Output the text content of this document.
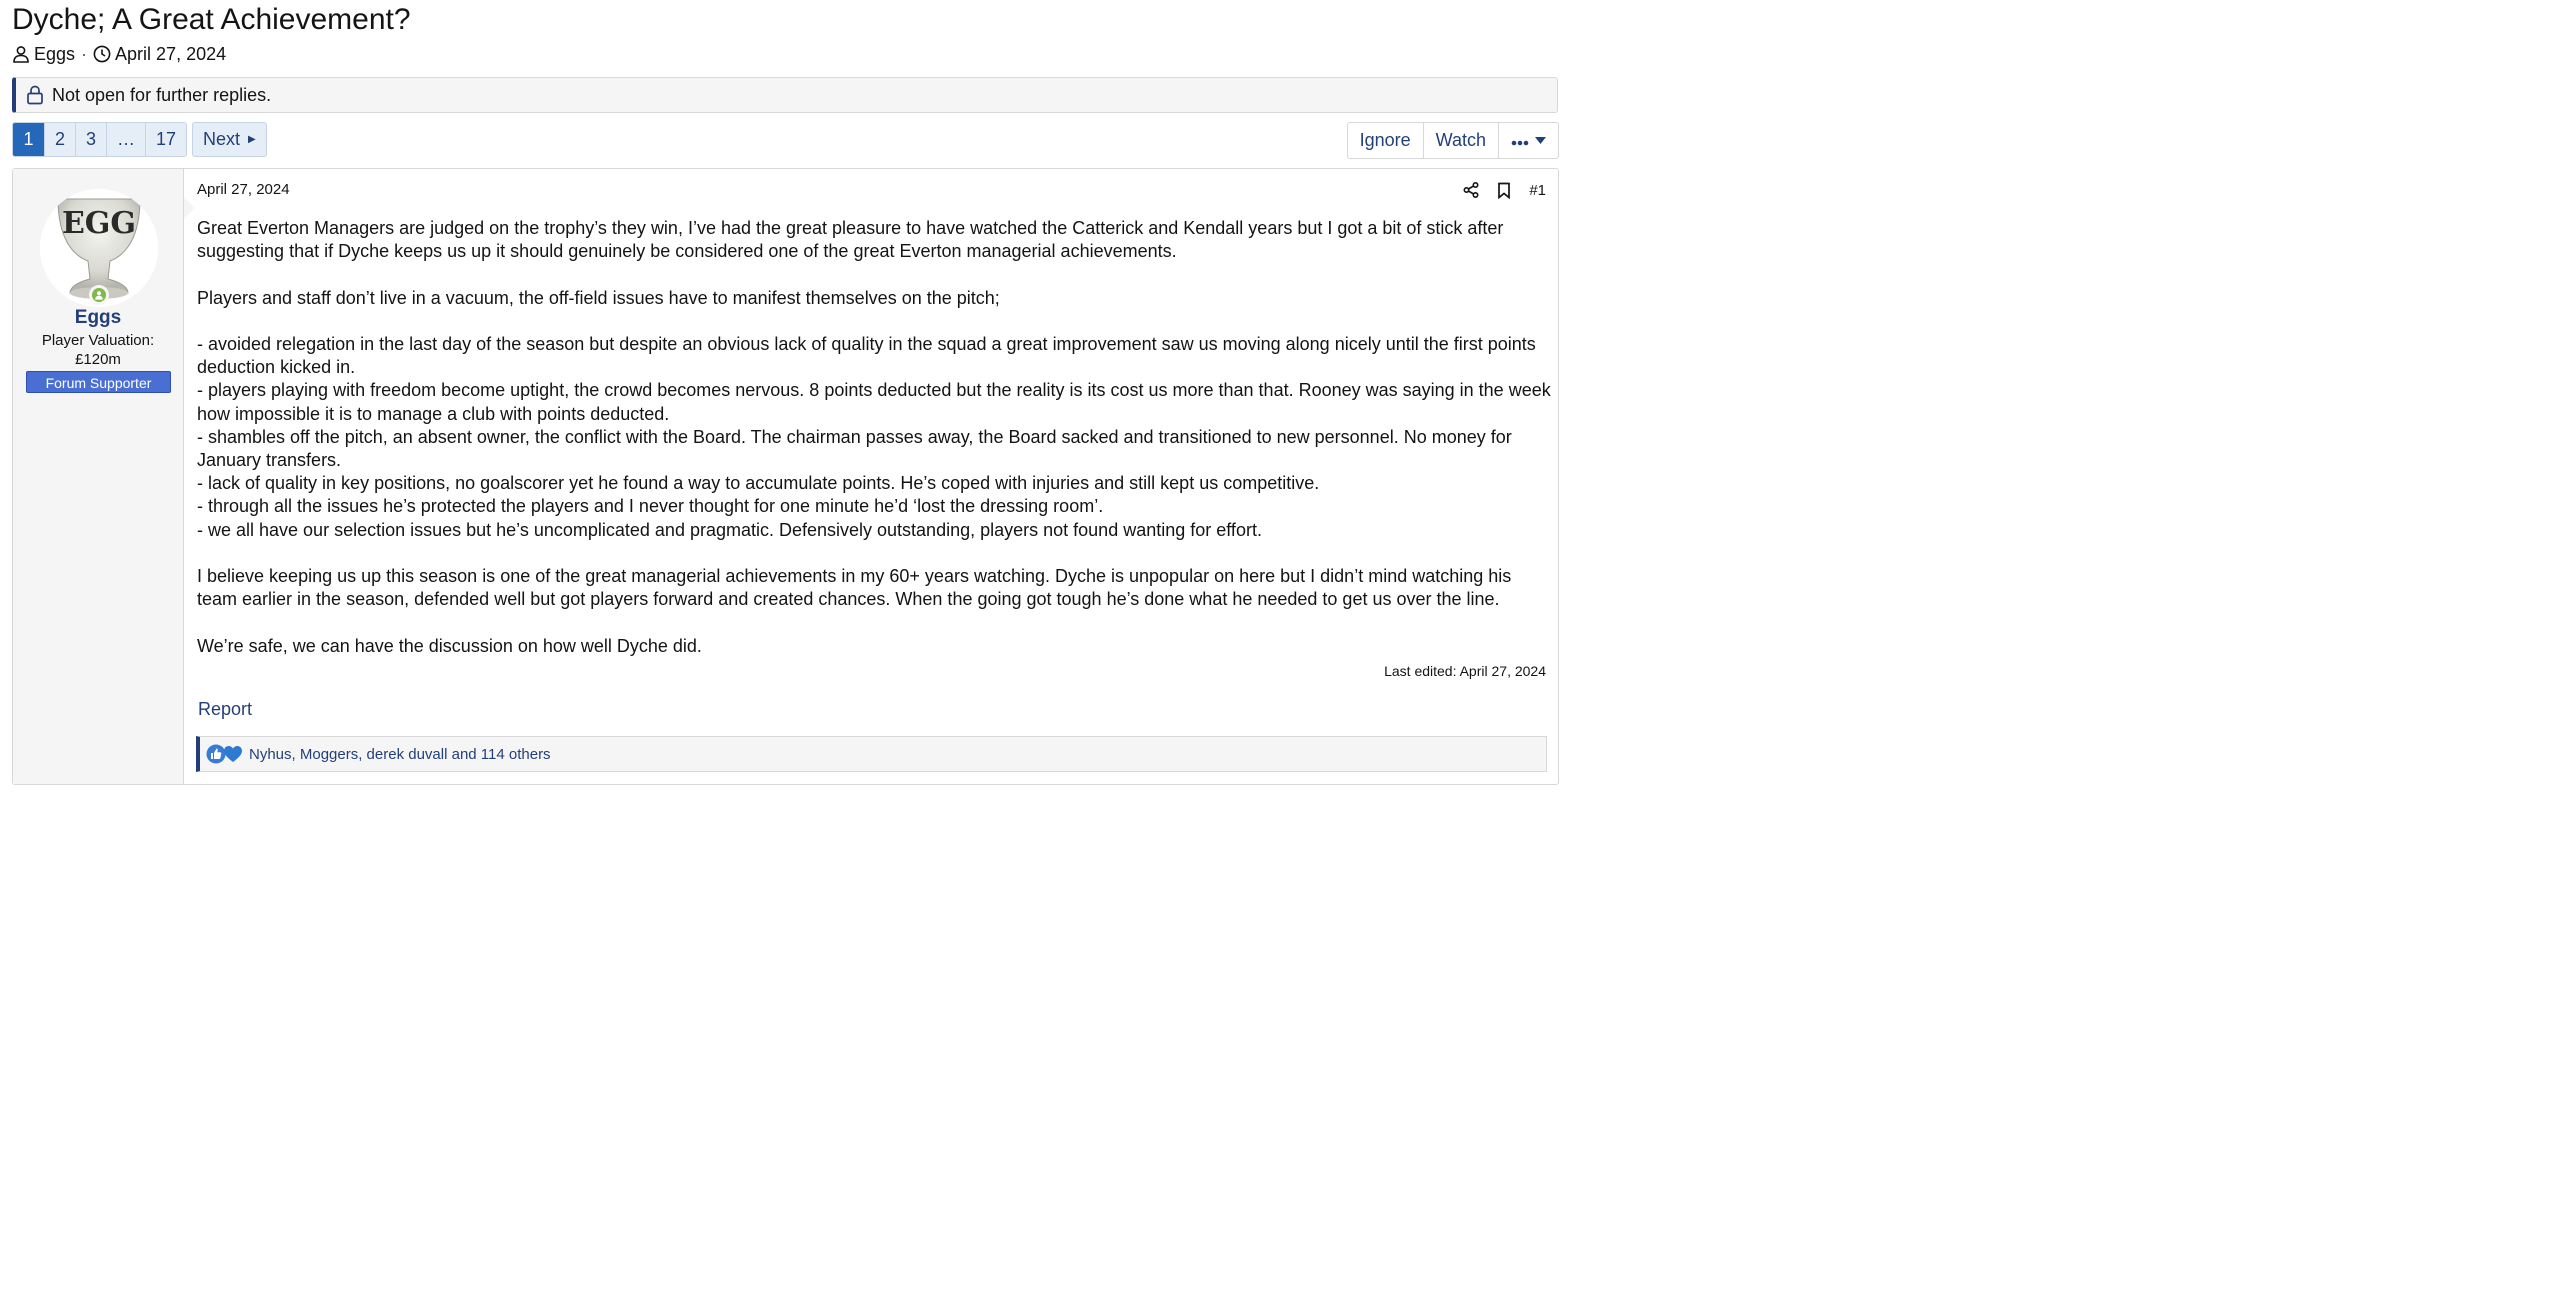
Dyche; A Great Achievement?
Eggs · April 27, 2024
Not open for further replies.
1	2	3	…	17	Next ▶	Ignore	Watch
EGG
Eggs
Player Valuation:
£120m
Forum Supporter
April 27, 2024	#1

Great Everton Managers are judged on the trophy’s they win, I’ve had the great pleasure to have watched the Catterick and Kendall years but I got a bit of stick after suggesting that if Dyche keeps us up it should genuinely be considered one of the great Everton managerial achievements.

Players and staff don’t live in a vacuum, the off-field issues have to manifest themselves on the pitch;

- avoided relegation in the last day of the season but despite an obvious lack of quality in the squad a great improvement saw us moving along nicely until the first points deduction kicked in.

- players playing with freedom become uptight, the crowd becomes nervous. 8 points deducted but the reality is its cost us more than that. Rooney was saying in the week how impossible it is to manage a club with points deducted.

- shambles off the pitch, an absent owner, the conflict with the Board. The chairman passes away, the Board sacked and transitioned to new personnel. No money for January transfers.

- lack of quality in key positions, no goalscorer yet he found a way to accumulate points. He’s coped with injuries and still kept us competitive.

- through all the issues he’s protected the players and I never thought for one minute he’d ‘lost the dressing room’.

- we all have our selection issues but he’s uncomplicated and pragmatic. Defensively outstanding, players not found wanting for effort.

I believe keeping us up this season is one of the great managerial achievements in my 60+ years watching. Dyche is unpopular on here but I didn’t mind watching his team earlier in the season, defended well but got players forward and created chances. When the going got tough he’s done what he needed to get us over the line.

We’re safe, we can have the discussion on how well Dyche did.

Last edited: April 27, 2024
Report
Nyhus, Moggers, derek duvall and 114 others
